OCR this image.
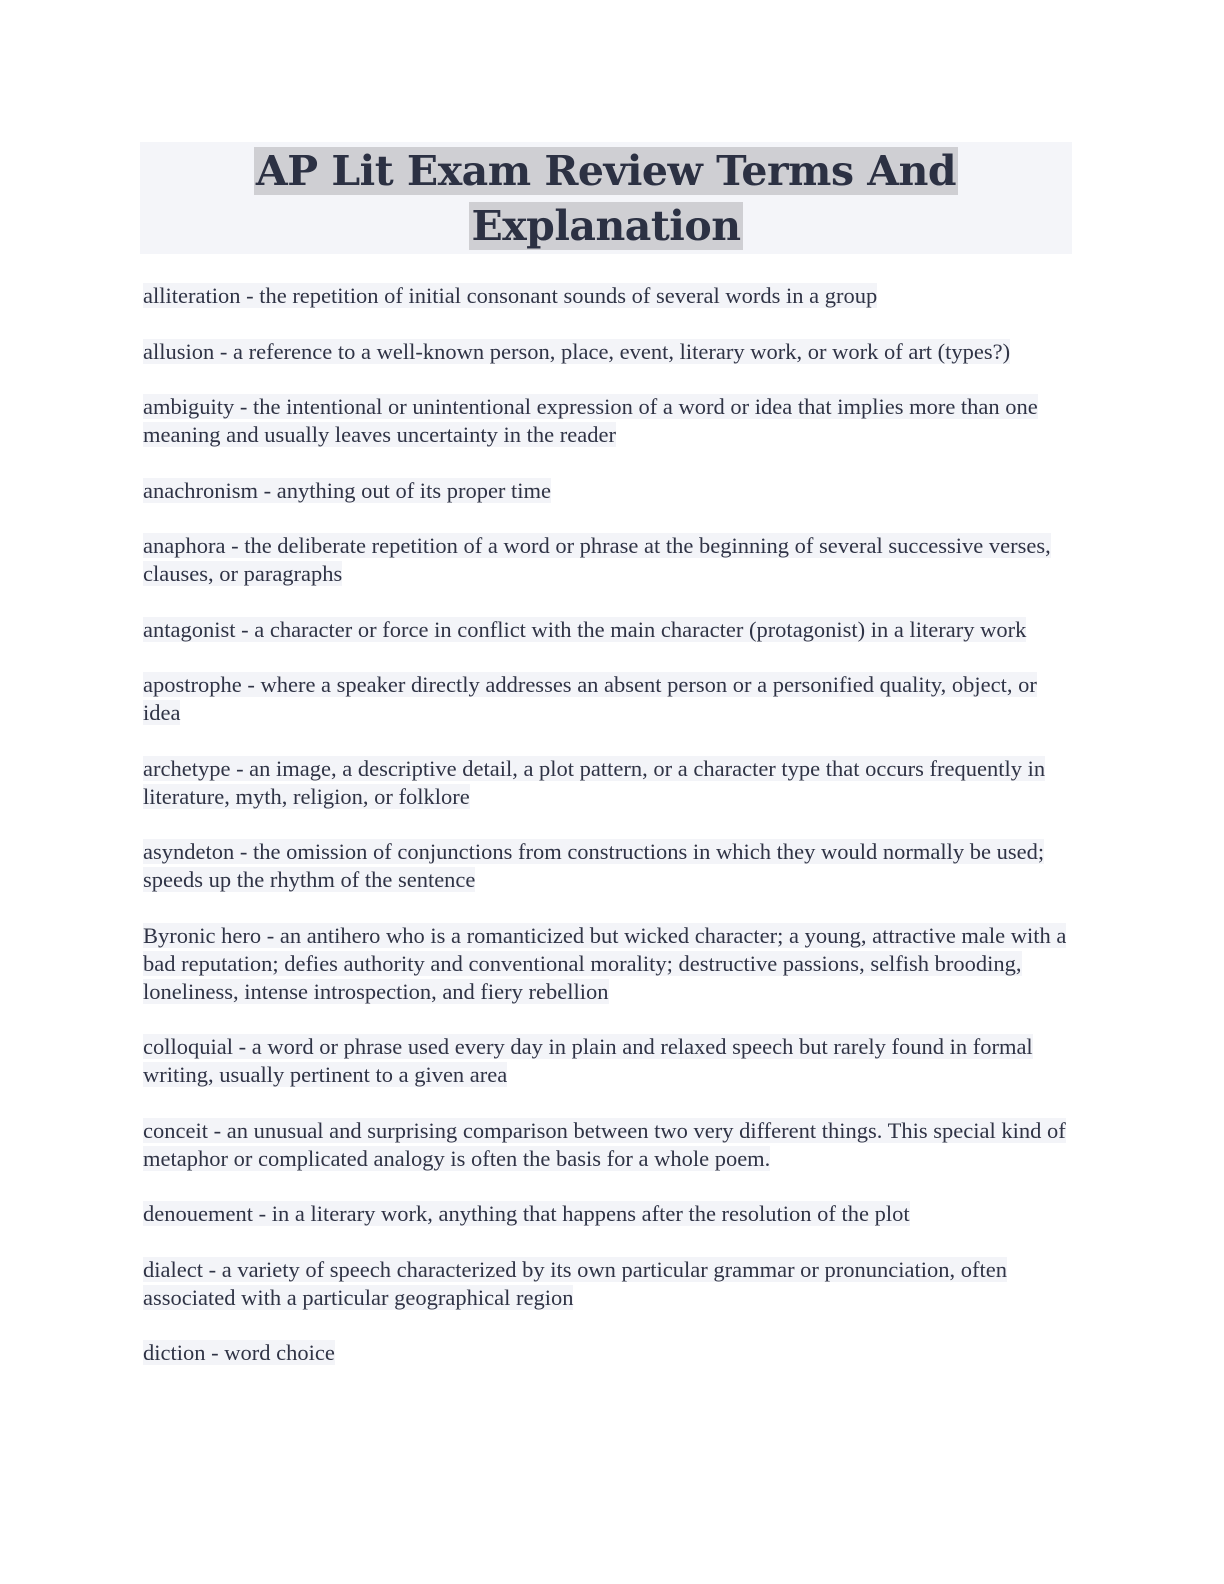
AP Lit Exam Review Terms And Explanation

alliteration - the repetition of initial consonant sounds of several words in a group

allusion - a reference to a well-known person, place, event, literary work, or work of art (types?)

ambiguity - the intentional or unintentional expression of a word or idea that implies more than one meaning and usually leaves uncertainty in the reader

anachronism - anything out of its proper time

anaphora - the deliberate repetition of a word or phrase at the beginning of several successive verses, clauses, or paragraphs

antagonist - a character or force in conflict with the main character (protagonist) in a literary work

apostrophe - where a speaker directly addresses an absent person or a personified quality, object, or idea

archetype - an image, a descriptive detail, a plot pattern, or a character type that occurs frequently in literature, myth, religion, or folklore

asyndeton - the omission of conjunctions from constructions in which they would normally be used; speeds up the rhythm of the sentence

Byronic hero - an antihero who is a romanticized but wicked character; a young, attractive male with a bad reputation; defies authority and conventional morality; destructive passions, selfish brooding, loneliness, intense introspection, and fiery rebellion

colloquial - a word or phrase used every day in plain and relaxed speech but rarely found in formal writing, usually pertinent to a given area

conceit - an unusual and surprising comparison between two very different things. This special kind of metaphor or complicated analogy is often the basis for a whole poem.

denouement - in a literary work, anything that happens after the resolution of the plot

dialect - a variety of speech characterized by its own particular grammar or pronunciation, often associated with a particular geographical region

diction - word choice
